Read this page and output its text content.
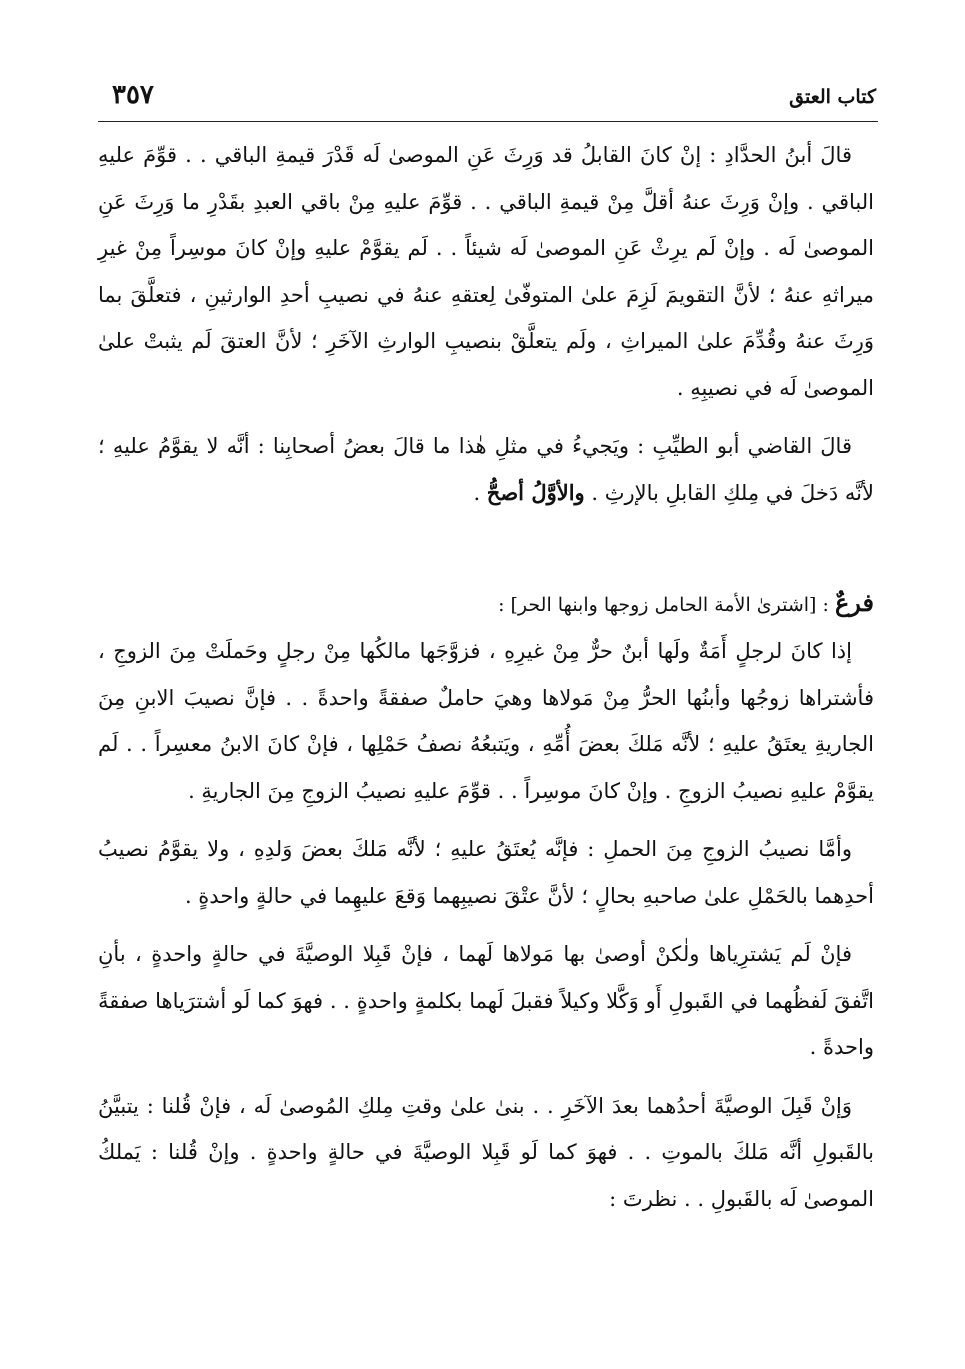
٣٥٧	كتاب العتق

قالَ أبنُ الحدَّادِ : إنْ كانَ القابلُ قد وَرِثَ عَنِ الموصىٰ لَه قَدْرَ قيمةِ الباقي . . قوِّمَ عليهِ الباقي . وإنْ وَرِثَ عنهُ أقلَّ مِنْ قيمةِ الباقي . . قوِّمَ عليهِ مِنْ باقي العبدِ بقَدْرِ ما وَرِثَ عَنِ الموصىٰ لَه . وإنْ لَم يرِثْ عَنِ الموصىٰ لَه شيئاً . . لَم يقوَّمْ عليهِ وإنْ كانَ موسِراً مِنْ غيرِ ميراثهِ عنهُ ؛ لأنَّ التقويمَ لَزِمَ علىٰ المتوفّىٰ لِعتقهِ عنهُ في نصيبِ أحدِ الوارثينِ ، فتعلَّقَ بما وَرِثَ عنهُ وقُدِّمَ علىٰ الميراثِ ، ولَم يتعلَّقْ بنصيبِ الوارثِ الآخَرِ ؛ لأنَّ العتقَ لَم يثبتْ علىٰ الموصىٰ لَه في نصيبِهِ .

قالَ القاضي أبو الطيِّبِ : ويَجيءُ في مثلِ هٰذا ما قالَ بعضُ أصحابِنا : أنَّه لا يقوَّمُ عليهِ ؛ لأنَّه دَخلَ في مِلكِ القابلِ بالإرثِ . والأوَّلُ أصحُّ .

فرعٌ : [اشترىٰ الأمة الحامل زوجها وابنها الحر] :

إذا كانَ لرجلٍ أَمَةٌ ولَها أبنٌ حرٌّ مِنْ غيرِهِ ، فزوَّجَها مالكُها مِنْ رجلٍ وحَملَتْ مِنَ الزوجِ ، فأشتراها زوجُها وأبنُها الحرُّ مِنْ مَولاها وهيَ حاملٌ صفقةً واحدةً . . فإنَّ نصيبَ الابنِ مِنَ الجاريةِ يعتَقُ عليهِ ؛ لأنَّه مَلكَ بعضَ أُمِّهِ ، ويَتبعُهُ نصفُ حَمْلِها ، فإنْ كانَ الابنُ معسِراً . . لَم يقوَّمْ عليهِ نصيبُ الزوجِ . وإنْ كانَ موسِراً . . قوِّمَ عليهِ نصيبُ الزوجِ مِنَ الجاريةِ .

وأمَّا نصيبُ الزوجِ مِنَ الحملِ : فإنَّه يُعتَقُ عليهِ ؛ لأنَّه مَلكَ بعضَ وَلدِهِ ، ولا يقوَّمُ نصيبُ أحدِهما بالحَمْلِ علىٰ صاحبهِ بحالٍ ؛ لأنَّ عتْقَ نصيبِهما وَقعَ عليهِما في حالةٍ واحدةٍ .

فإنْ لَم يَشترِياها ولٰكنْ أوصىٰ بها مَولاها لَهما ، فإنْ قَبِلا الوصيَّةَ في حالةٍ واحدةٍ ، بأنِ اتَّفقَ لَفظُهما في القَبولِ أَو وَكَّلا وكيلاً فقبلَ لَهما بكلمةٍ واحدةٍ . . فهوَ كما لَو أشترَياها صفقةً واحدةً .

وَإنْ قَبِلَ الوصيَّةَ أحدُهما بعدَ الآخَرِ . . بنىٰ علىٰ وقتِ مِلكِ المُوصىٰ لَه ، فإنْ قُلنا : يتبيَّنُ بالقَبولِ أنَّه مَلكَ بالموتِ . . فهوَ كما لَو قَبِلا الوصيَّةَ في حالةٍ واحدةٍ . وإنْ قُلنا : يَملكُ الموصىٰ لَه بالقَبولِ . . نظرتَ :
